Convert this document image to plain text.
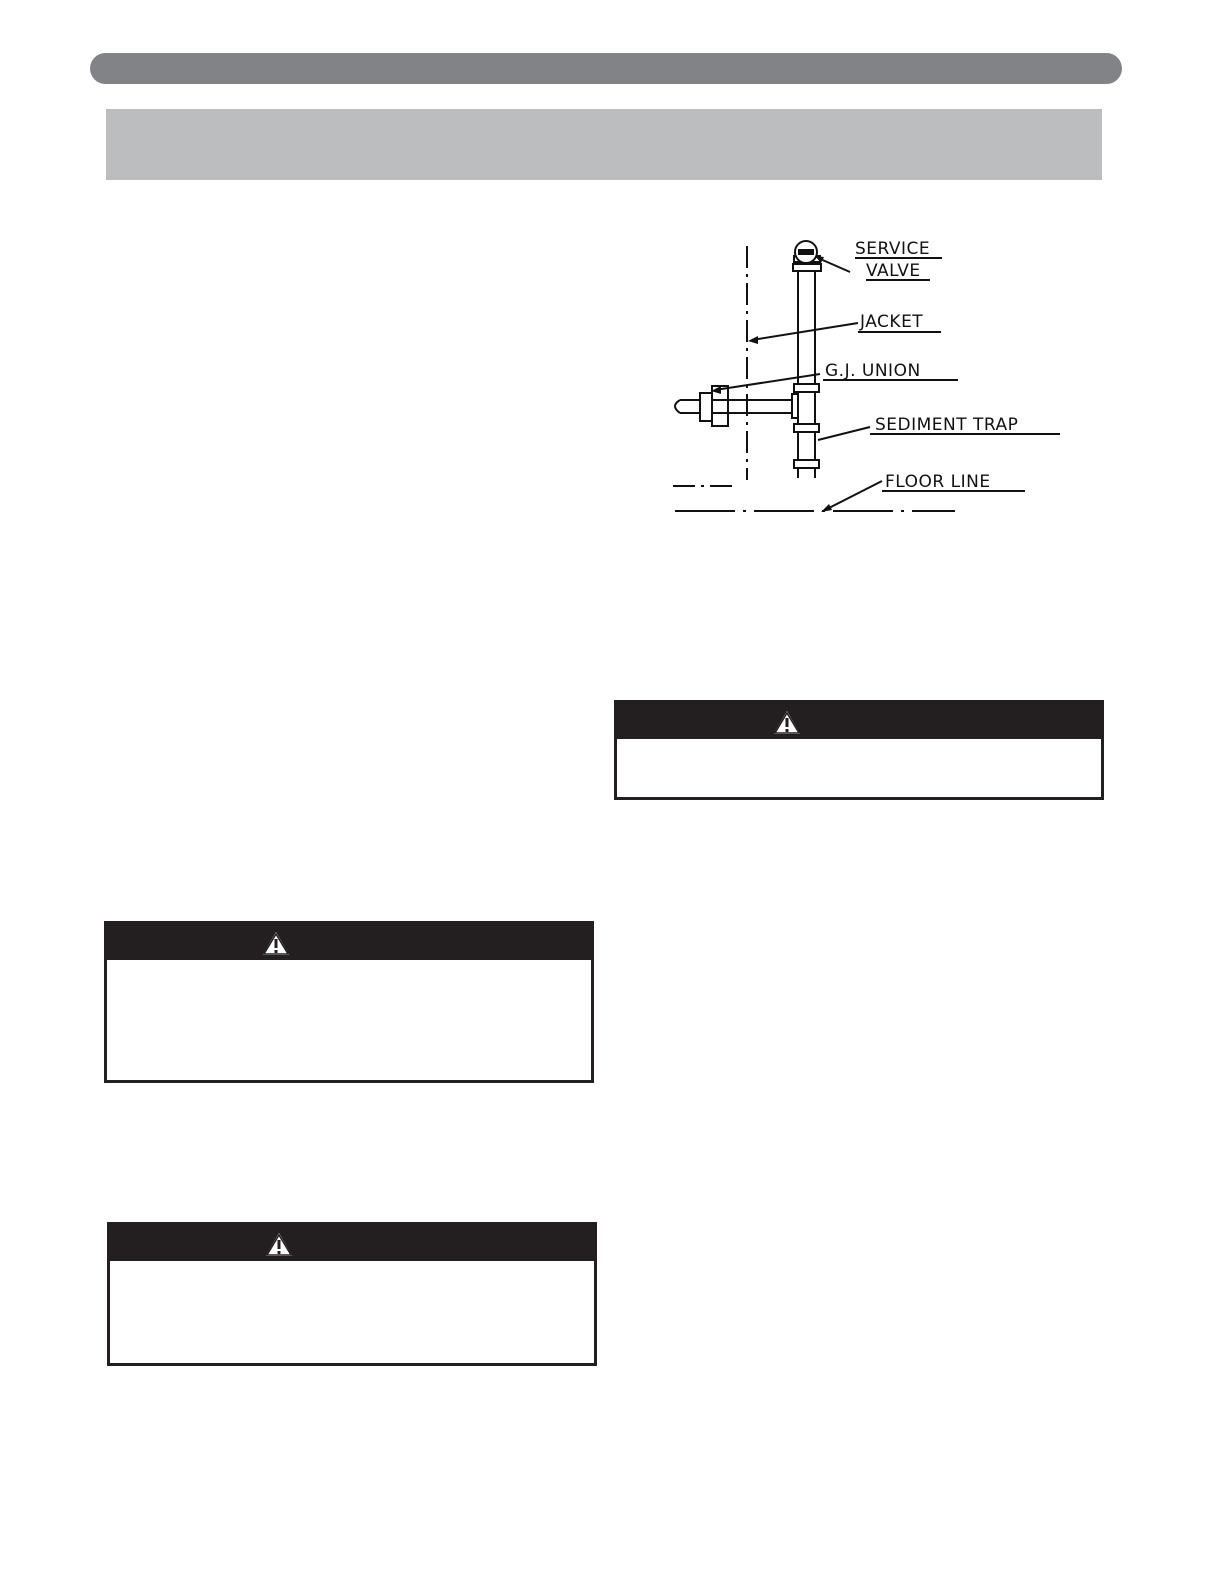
SERVICE
VALVE
JACKET
G.J. UNION
SEDIMENT TRAP
FLOOR LINE
